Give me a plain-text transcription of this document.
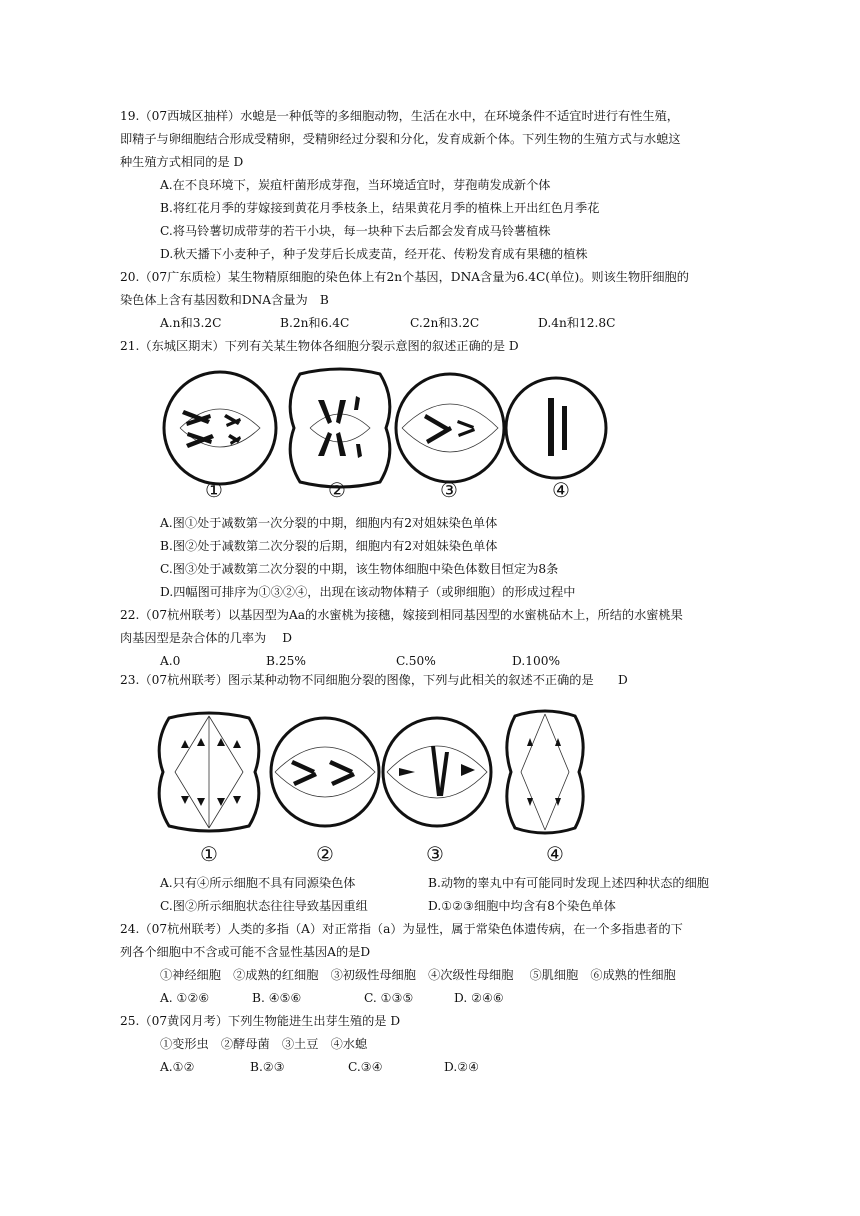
19.（07西城区抽样）水螅是一种低等的多细胞动物，生活在水中，在环境条件不适宜时进行有性生殖，
即精子与卵细胞结合形成受精卵，受精卵经过分裂和分化，发育成新个体。下列生物的生殖方式与水螅这
种生殖方式相同的是 D
A.在不良环境下，炭疽杆菌形成芽孢，当环境适宜时，芽孢萌发成新个体
B.将红花月季的芽嫁接到黄花月季枝条上，结果黄花月季的植株上开出红色月季花
C.将马铃薯切成带芽的若干小块，每一块种下去后都会发育成马铃薯植株
D.秋天播下小麦种子，种子发芽后长成麦苗，经开花、传粉发育成有果穗的植株
20.（07广东质检）某生物精原细胞的染色体上有2n个基因，DNA含量为6.4C(单位)。则该生物肝细胞的
染色体上含有基因数和DNA含量为　B
A.n和3.2C	B.2n和6.4C	C.2n和3.2C	D.4n和12.8C
21.（东城区期末）下列有关某生物体各细胞分裂示意图的叙述正确的是 D
①	②	③	④
A.图①处于减数第一次分裂的中期，细胞内有2对姐妹染色单体
B.图②处于减数第二次分裂的后期，细胞内有2对姐妹染色单体
C.图③处于减数第二次分裂的中期，该生物体细胞中染色体数目恒定为8条
D.四幅图可排序为①③②④，出现在该动物体精子（或卵细胞）的形成过程中
22.（07杭州联考）以基因型为Aa的水蜜桃为接穗，嫁接到相同基因型的水蜜桃砧木上，所结的水蜜桃果
肉基因型是杂合体的几率为　 D
A.0	B.25%	C.50%	D.100%
23.（07杭州联考）图示某种动物不同细胞分裂的图像，下列与此相关的叙述不正确的是　　D
①	②	③	④
A.只有④所示细胞不具有同源染色体	B.动物的睾丸中有可能同时发现上述四种状态的细胞
C.图②所示细胞状态往往导致基因重组	D.①②③细胞中均含有8个染色单体
24.（07杭州联考）人类的多指（A）对正常指（a）为显性，属于常染色体遗传病，在一个多指患者的下
列各个细胞中不含或可能不含显性基因A的是D
①神经细胞　②成熟的红细胞　③初级性母细胞　④次级性母细胞　 ⑤肌细胞　⑥成熟的性细胞
A. ①②⑥	B. ④⑤⑥	C. ①③⑤	D. ②④⑥
25.（07黄冈月考）下列生物能进生出芽生殖的是 D
①变形虫　②酵母菌　③土豆　④水螅
A.①②	B.②③	C.③④	D.②④
